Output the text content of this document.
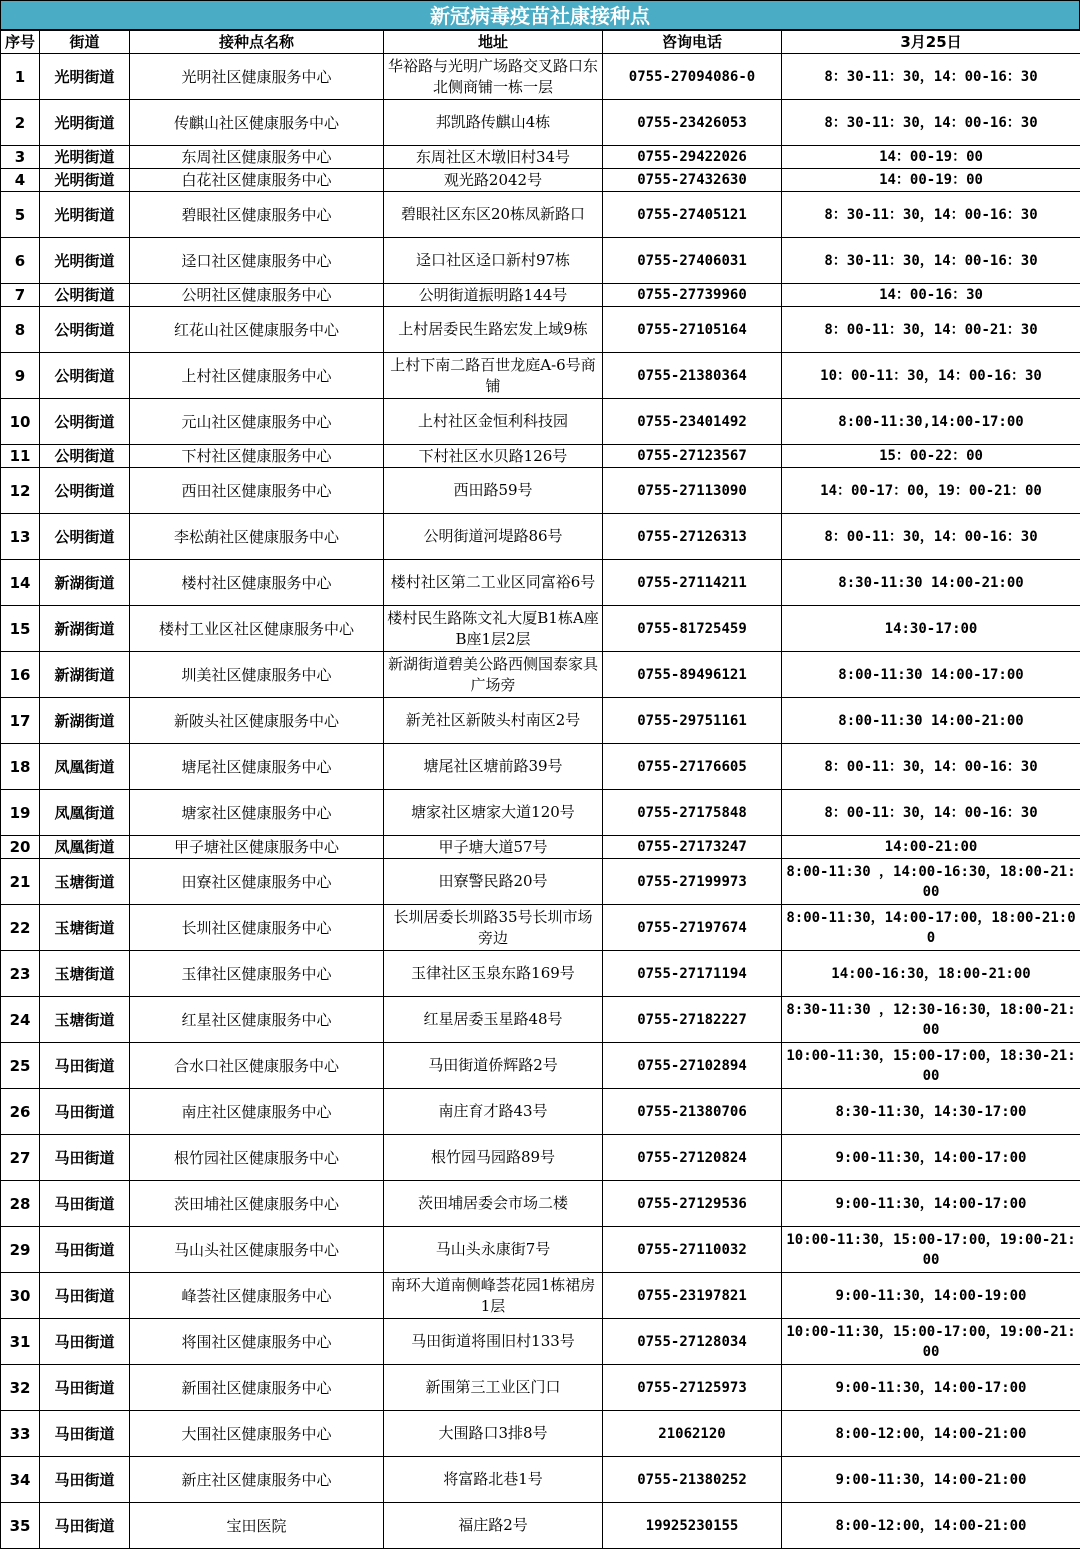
新冠病毒疫苗社康接种点
序号	街道	接种点名称	地址	咨询电话	3月25日
1	光明街道	光明社区健康服务中心	华裕路与光明广场路交叉路口东北侧商铺一栋一层	0755-27094086-0	8：30-11：30，14：00-16：30
2	光明街道	传麒山社区健康服务中心	邦凯路传麒山4栋	0755-23426053	8：30-11：30，14：00-16：30
3	光明街道	东周社区健康服务中心	东周社区木墩旧村34号	0755-29422026	14：00-19：00
4	光明街道	白花社区健康服务中心	观光路2042号	0755-27432630	14：00-19：00
5	光明街道	碧眼社区健康服务中心	碧眼社区东区20栋凤新路口	0755-27405121	8：30-11：30，14：00-16：30
6	光明街道	迳口社区健康服务中心	迳口社区迳口新村97栋	0755-27406031	8：30-11：30，14：00-16：30
7	公明街道	公明社区健康服务中心	公明街道振明路144号	0755-27739960	14：00-16：30
8	公明街道	红花山社区健康服务中心	上村居委民生路宏发上域9栋	0755-27105164	8：00-11：30，14：00-21：30
9	公明街道	上村社区健康服务中心	上村下南二路百世龙庭A-6号商铺	0755-21380364	10：00-11：30，14：00-16：30
10	公明街道	元山社区健康服务中心	上村社区金恒利科技园	0755-23401492	8:00-11:30,14:00-17:00
11	公明街道	下村社区健康服务中心	下村社区水贝路126号	0755-27123567	15：00-22：00
12	公明街道	西田社区健康服务中心	西田路59号	0755-27113090	14：00-17：00，19：00-21：00
13	公明街道	李松蓢社区健康服务中心	公明街道河堤路86号	0755-27126313	8：00-11：30，14：00-16：30
14	新湖街道	楼村社区健康服务中心	楼村社区第二工业区同富裕6号	0755-27114211	8:30-11:30 14:00-21:00
15	新湖街道	楼村工业区社区健康服务中心	楼村民生路陈文礼大厦B1栋A座B座1层2层	0755-81725459	14:30-17:00
16	新湖街道	圳美社区健康服务中心	新湖街道碧美公路西侧国泰家具广场旁	0755-89496121	8:00-11:30 14:00-17:00
17	新湖街道	新陂头社区健康服务中心	新羌社区新陂头村南区2号	0755-29751161	8:00-11:30 14:00-21:00
18	凤凰街道	塘尾社区健康服务中心	塘尾社区塘前路39号	0755-27176605	8：00-11：30，14：00-16：30
19	凤凰街道	塘家社区健康服务中心	塘家社区塘家大道120号	0755-27175848	8：00-11：30，14：00-16：30
20	凤凰街道	甲子塘社区健康服务中心	甲子塘大道57号	0755-27173247	14:00-21:00
21	玉塘街道	田寮社区健康服务中心	田寮警民路20号	0755-27199973	8:00-11:30 ，14:00-16:30，18:00-21:00
22	玉塘街道	长圳社区健康服务中心	长圳居委长圳路35号长圳市场旁边	0755-27197674	8:00-11:30，14:00-17:00，18:00-21:00
23	玉塘街道	玉律社区健康服务中心	玉律社区玉泉东路169号	0755-27171194	14:00-16:30，18:00-21:00
24	玉塘街道	红星社区健康服务中心	红星居委玉星路48号	0755-27182227	8:30-11:30 ，12:30-16:30，18:00-21:00
25	马田街道	合水口社区健康服务中心	马田街道侨辉路2号	0755-27102894	10:00-11:30，15:00-17:00，18:30-21:00
26	马田街道	南庄社区健康服务中心	南庄育才路43号	0755-21380706	8:30-11:30，14:30-17:00
27	马田街道	根竹园社区健康服务中心	根竹园马园路89号	0755-27120824	9:00-11:30，14:00-17:00
28	马田街道	茨田埔社区健康服务中心	茨田埔居委会市场二楼	0755-27129536	9:00-11:30，14:00-17:00
29	马田街道	马山头社区健康服务中心	马山头永康街7号	0755-27110032	10:00-11:30，15:00-17:00，19:00-21:00
30	马田街道	峰荟社区健康服务中心	南环大道南侧峰荟花园1栋裙房1层	0755-23197821	9:00-11:30，14:00-19:00
31	马田街道	将围社区健康服务中心	马田街道将围旧村133号	0755-27128034	10:00-11:30，15:00-17:00，19:00-21:00
32	马田街道	新围社区健康服务中心	新围第三工业区门口	0755-27125973	9:00-11:30，14:00-17:00
33	马田街道	大围社区健康服务中心	大围路口3排8号	21062120	8:00-12:00，14:00-21:00
34	马田街道	新庄社区健康服务中心	将富路北巷1号	0755-21380252	9:00-11:30，14:00-21:00
35	马田街道	宝田医院	福庄路2号	19925230155	8:00-12:00，14:00-21:00
